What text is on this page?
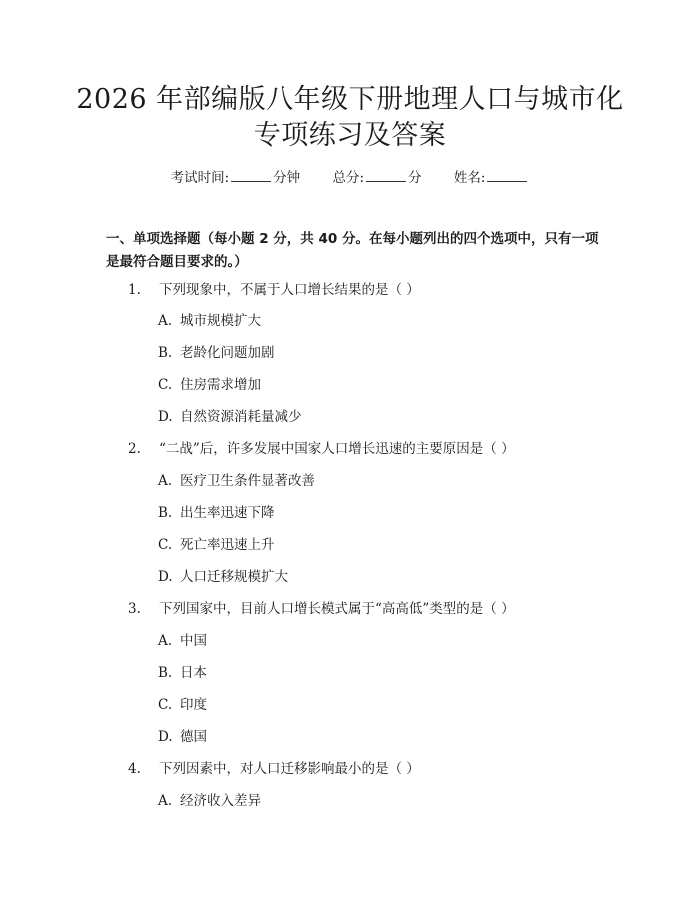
2026 年部编版八年级下册地理人口与城市化
专项练习及答案
考试时间:	分钟 总分:	分 姓名:
一、单项选择题（每小题 2 分，共 40 分。在每小题列出的四个选项中，只有一项是最符合题目要求的。）
1. 下列现象中，不属于人口增长结果的是（ ）
A. 城市规模扩大
B. 老龄化问题加剧
C. 住房需求增加
D. 自然资源消耗量减少
2. “二战”后，许多发展中国家人口增长迅速的主要原因是（ ）
A. 医疗卫生条件显著改善
B. 出生率迅速下降
C. 死亡率迅速上升
D. 人口迁移规模扩大
3. 下列国家中，目前人口增长模式属于“高高低”类型的是（ ）
A. 中国
B. 日本
C. 印度
D. 德国
4. 下列因素中，对人口迁移影响最小的是（ ）
A. 经济收入差异
